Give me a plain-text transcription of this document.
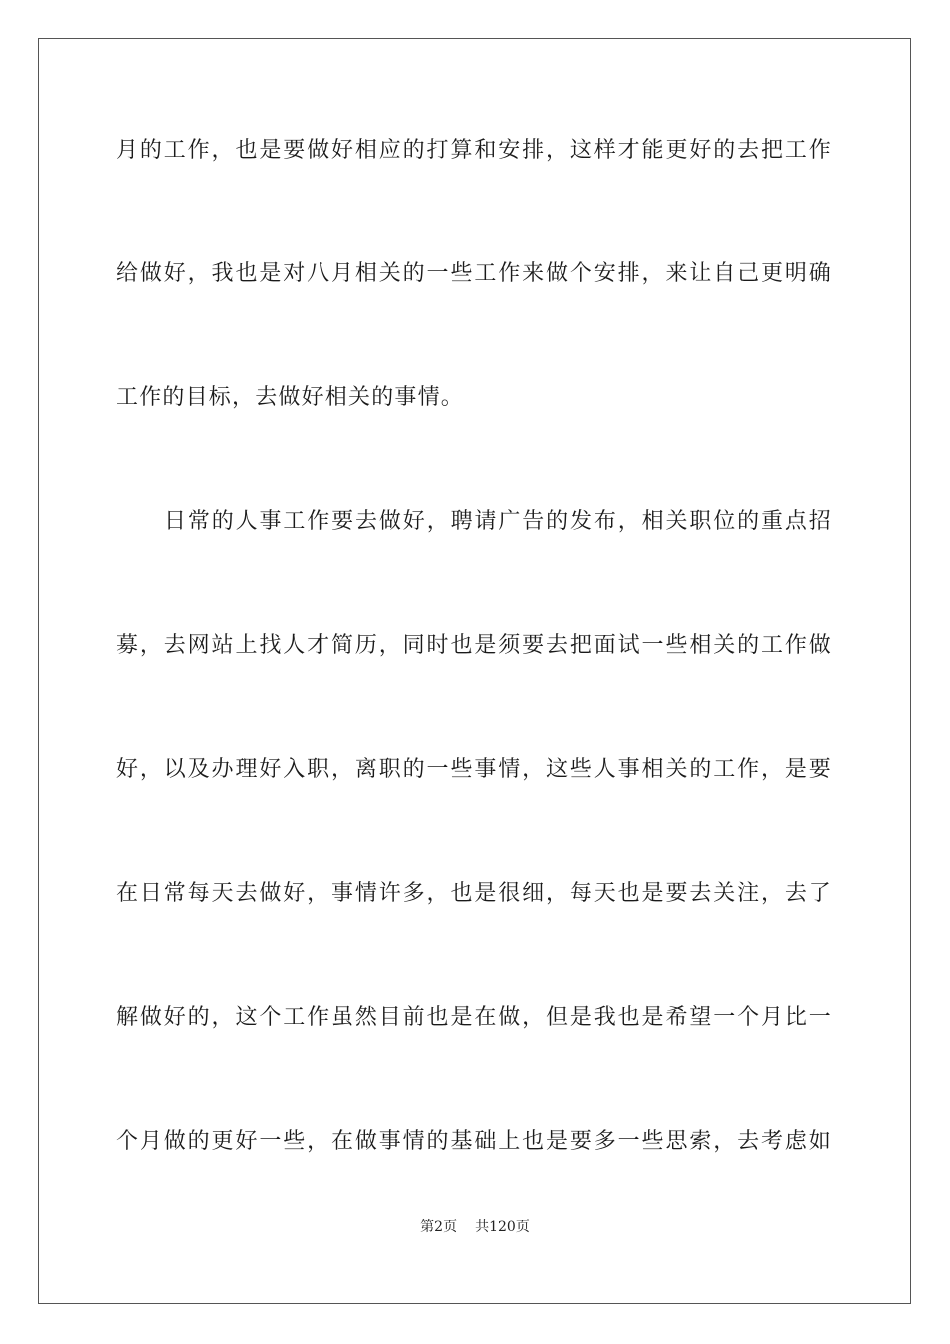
月的工作，也是要做好相应的打算和安排，这样才能更好的去把工作
给做好，我也是对八月相关的一些工作来做个安排，来让自己更明确
工作的目标，去做好相关的事情。
日常的人事工作要去做好，聘请广告的发布，相关职位的重点招
募，去网站上找人才简历，同时也是须要去把面试一些相关的工作做
好，以及办理好入职，离职的一些事情，这些人事相关的工作，是要
在日常每天去做好，事情许多，也是很细，每天也是要去关注，去了
解做好的，这个工作虽然目前也是在做，但是我也是希望一个月比一
个月做的更好一些，在做事情的基础上也是要多一些思索，去考虑如
第2页 共120页
